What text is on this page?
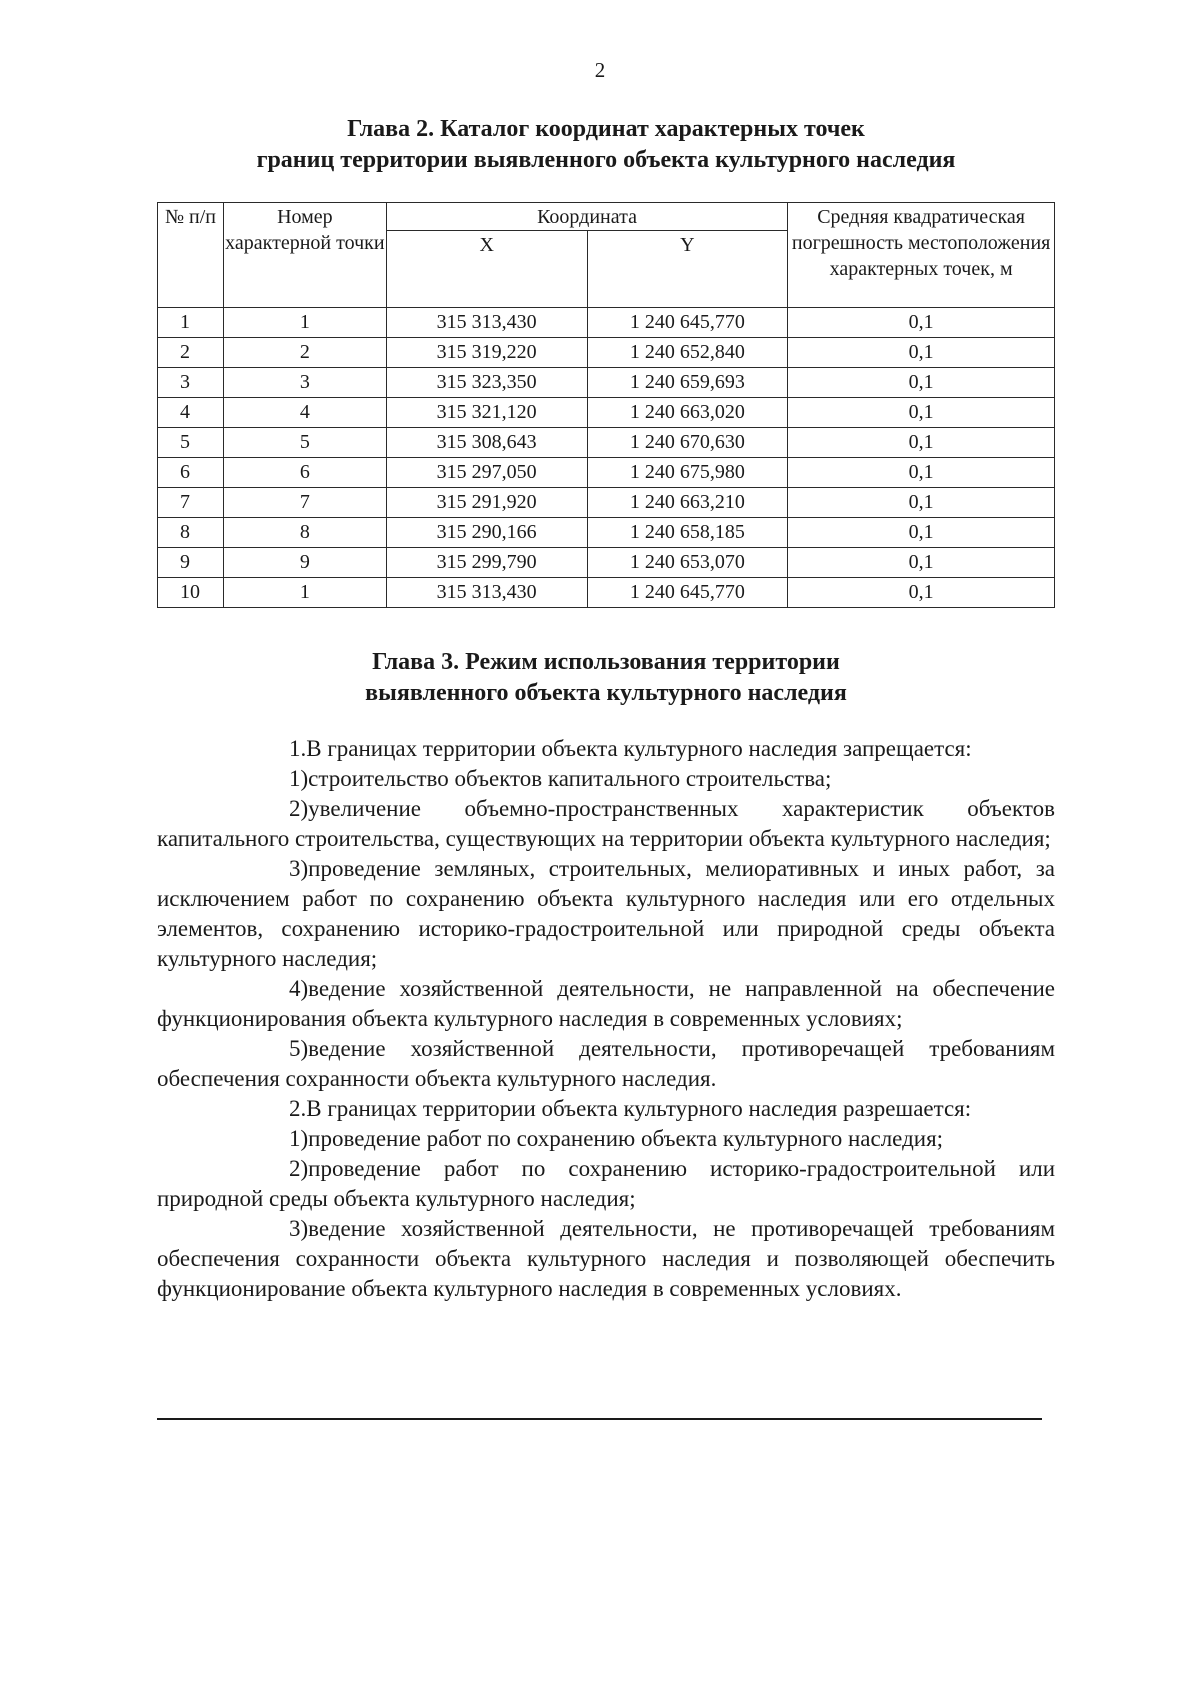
2
Глава 2. Каталог координат характерных точек
границ территории выявленного объекта культурного наследия
№ п/п	Номер характерной точки	Координата		Средняя квадратическая погрешность местоположения характерных точек, м
		X	Y	
1	1	315 313,430	1 240 645,770	0,1
2	2	315 319,220	1 240 652,840	0,1
3	3	315 323,350	1 240 659,693	0,1
4	4	315 321,120	1 240 663,020	0,1
5	5	315 308,643	1 240 670,630	0,1
6	6	315 297,050	1 240 675,980	0,1
7	7	315 291,920	1 240 663,210	0,1
8	8	315 290,166	1 240 658,185	0,1
9	9	315 299,790	1 240 653,070	0,1
10	1	315 313,430	1 240 645,770	0,1
Глава 3. Режим использования территории
выявленного объекта культурного наследия

1.В границах территории объекта культурного наследия запрещается:

1)строительство объектов капитального строительства;

2)увеличение объемно-пространственных характеристик объектов капитального строительства, существующих на территории объекта культурного наследия;

3)проведение земляных, строительных, мелиоративных и иных работ, за исключением работ по сохранению объекта культурного наследия или его отдельных элементов, сохранению историко-градостроительной или природной среды объекта культурного наследия;

4)ведение хозяйственной деятельности, не направленной на обеспечение функционирования объекта культурного наследия в современных условиях;

5)ведение хозяйственной деятельности, противоречащей требованиям обеспечения сохранности объекта культурного наследия.

2.В границах территории объекта культурного наследия разрешается:

1)проведение работ по сохранению объекта культурного наследия;

2)проведение работ по сохранению историко-градостроительной или природной среды объекта культурного наследия;

3)ведение хозяйственной деятельности, не противоречащей требованиям обеспечения сохранности объекта культурного наследия и позволяющей обеспечить функционирование объекта культурного наследия в современных условиях.
